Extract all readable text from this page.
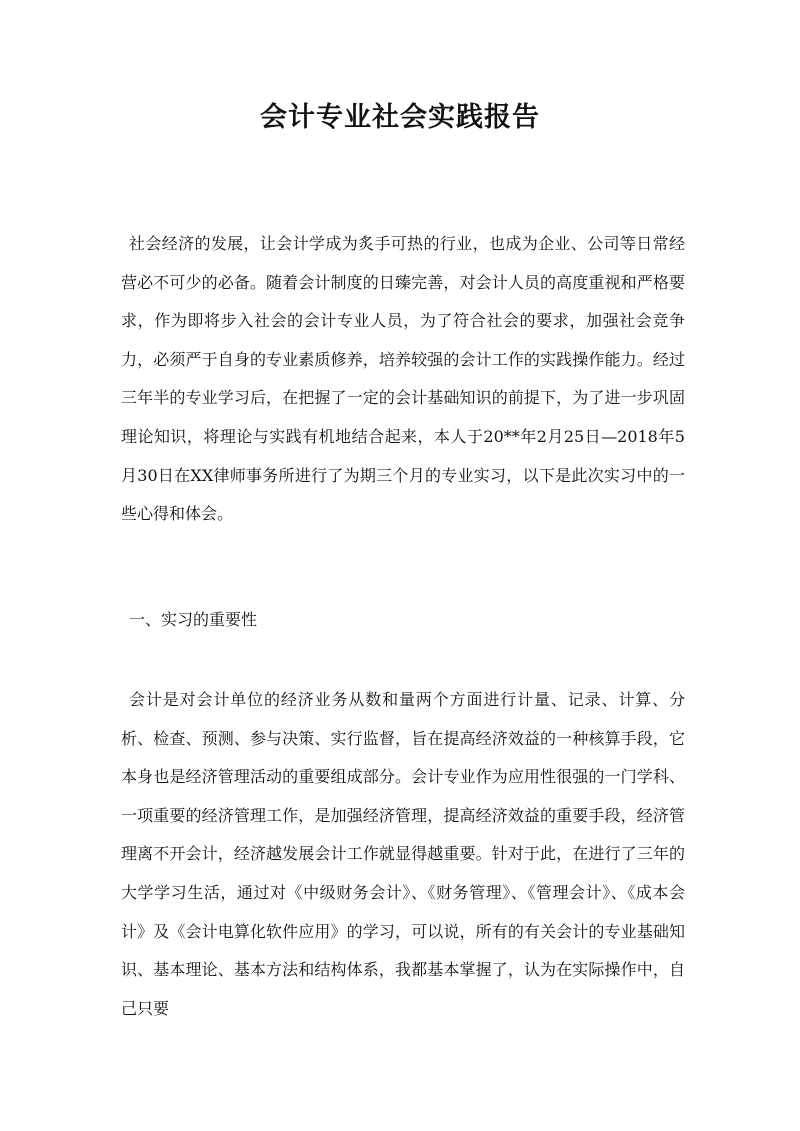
会计专业社会实践报告

社会经济的发展，让会计学成为炙手可热的行业，也成为企业、公司等日常经营必不可少的必备。随着会计制度的日臻完善，对会计人员的高度重视和严格要求，作为即将步入社会的会计专业人员，为了符合社会的要求，加强社会竞争力，必须严于自身的专业素质修养，培养较强的会计工作的实践操作能力。经过三年半的专业学习后，在把握了一定的会计基础知识的前提下，为了进一步巩固理论知识，将理论与实践有机地结合起来，本人于20**年2月25日—2018年5月30日在XX律师事务所进行了为期三个月的专业实习，以下是此次实习中的一些心得和体会。

一、实习的重要性

会计是对会计单位的经济业务从数和量两个方面进行计量、记录、计算、分析、检查、预测、参与决策、实行监督，旨在提高经济效益的一种核算手段，它本身也是经济管理活动的重要组成部分。会计专业作为应用性很强的一门学科、一项重要的经济管理工作，是加强经济管理，提高经济效益的重要手段，经济管理离不开会计，经济越发展会计工作就显得越重要。针对于此，在进行了三年的大学学习生活，通过对《中级财务会计》、《财务管理》、《管理会计》、《成本会计》及《会计电算化软件应用》的学习，可以说，所有的有关会计的专业基础知识、基本理论、基本方法和结构体系，我都基本掌握了，认为在实际操作中，自己只要
